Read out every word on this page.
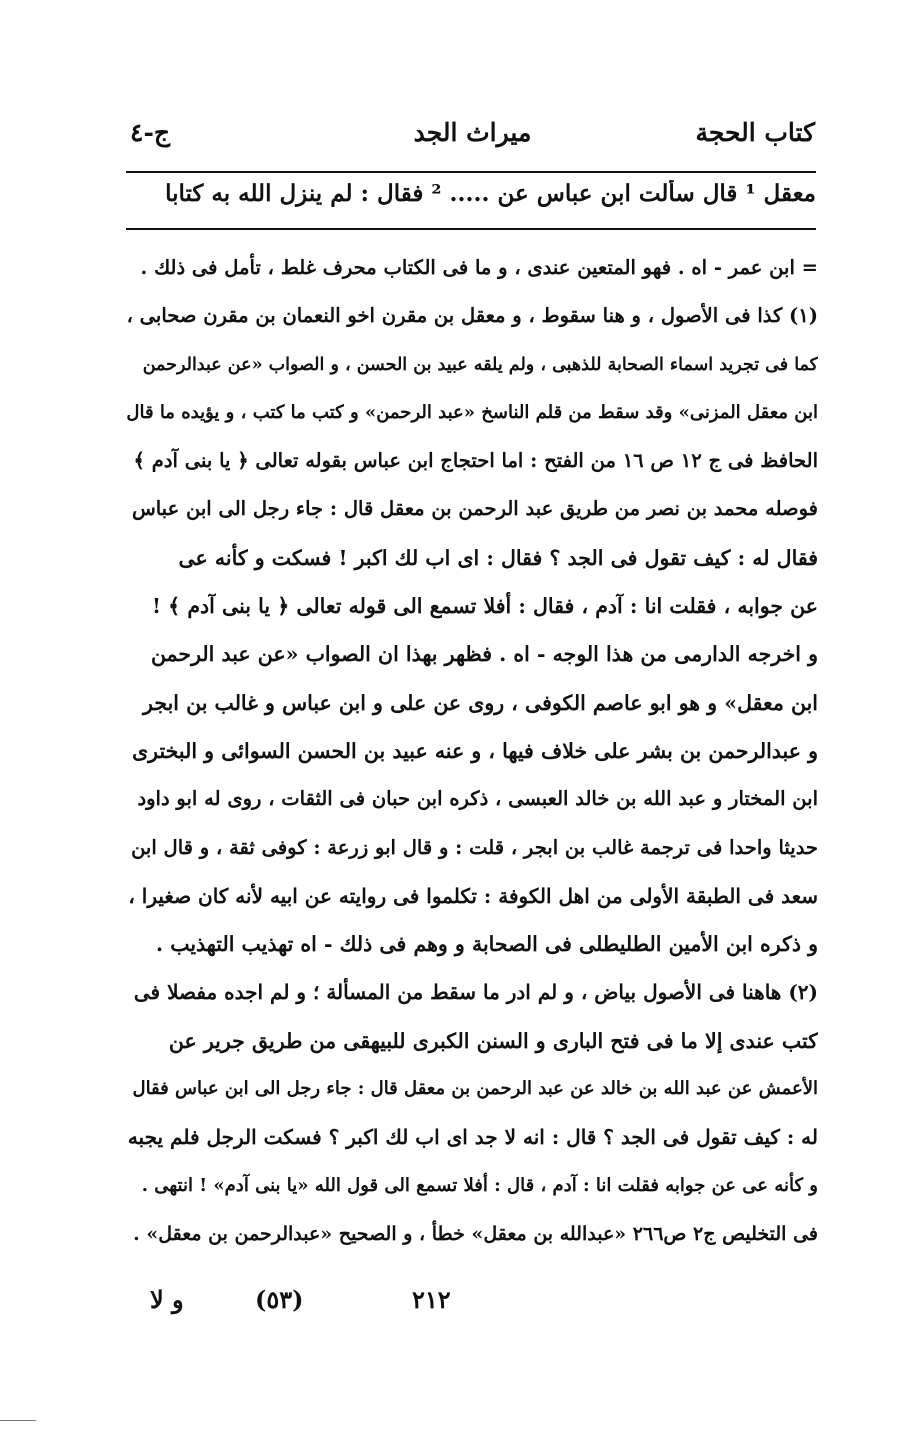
كتاب الحجة
ميراث الجد
ج-٤
معقل ¹ قال سألت ابن عباس عن ..... ² فقال : لم ينزل الله به كتابا
= ابن عمر - اه . فهو المتعين عندى ، و ما فى الكتاب محرف غلط ، تأمل فى ذلك .
(١) كذا فى الأصول ، و هنا سقوط ، و معقل بن مقرن اخو النعمان بن مقرن صحابى ،
كما فى تجريد اسماء الصحابة للذهبى ، ولم يلقه عبيد بن الحسن ، و الصواب «عن عبدالرحمن
ابن معقل المزنى» وقد سقط من قلم الناسخ «عبد الرحمن» و كتب ما كتب ، و يؤيده ما قال
الحافظ فى ج ١٢ ص ١٦ من الفتح : اما احتجاج ابن عباس بقوله تعالى ﴿ يا بنى آدم ﴾
فوصله محمد بن نصر من طريق عبد الرحمن بن معقل قال : جاء رجل الى ابن عباس
فقال له : كيف تقول فى الجد ؟ فقال : اى اب لك اكبر ! فسكت و كأنه عى
عن جوابه ، فقلت انا : آدم ، فقال : أفلا تسمع الى قوله تعالى ﴿ يا بنى آدم ﴾ !
و اخرجه الدارمى من هذا الوجه - اه . فظهر بهذا ان الصواب «عن عبد الرحمن
ابن معقل» و هو ابو عاصم الكوفى ، روى عن على و ابن عباس و غالب بن ابجر
و عبدالرحمن بن بشر على خلاف فيها ، و عنه عبيد بن الحسن السوائى و البخترى
ابن المختار و عبد الله بن خالد العبسى ، ذكره ابن حبان فى الثقات ، روى له ابو داود
حديثا واحدا فى ترجمة غالب بن ابجر ، قلت : و قال ابو زرعة : كوفى ثقة ، و قال ابن
سعد فى الطبقة الأولى من اهل الكوفة : تكلموا فى روايته عن ابيه لأنه كان صغيرا ،
و ذكره ابن الأمين الطليطلى فى الصحابة و وهم فى ذلك - اه تهذيب التهذيب .
(٢) هاهنا فى الأصول بياض ، و لم ادر ما سقط من المسألة ؛ و لم اجده مفصلا فى
كتب عندى إلا ما فى فتح البارى و السنن الكبرى للبيهقى من طريق جرير عن
الأعمش عن عبد الله بن خالد عن عبد الرحمن بن معقل قال : جاء رجل الى ابن عباس فقال
له : كيف تقول فى الجد ؟ قال : انه لا جد اى اب لك اكبر ؟ فسكت الرجل فلم يجبه
و كأنه عى عن جوابه فقلت انا : آدم ، قال : أفلا تسمع الى قول الله «يا بنى آدم» ! انتهى .
فى التخليص ج٢ ص٢٦٦ «عبدالله بن معقل» خطأ ، و الصحيح «عبدالرحمن بن معقل» .
و لا	(٥٣)	٢١٢
